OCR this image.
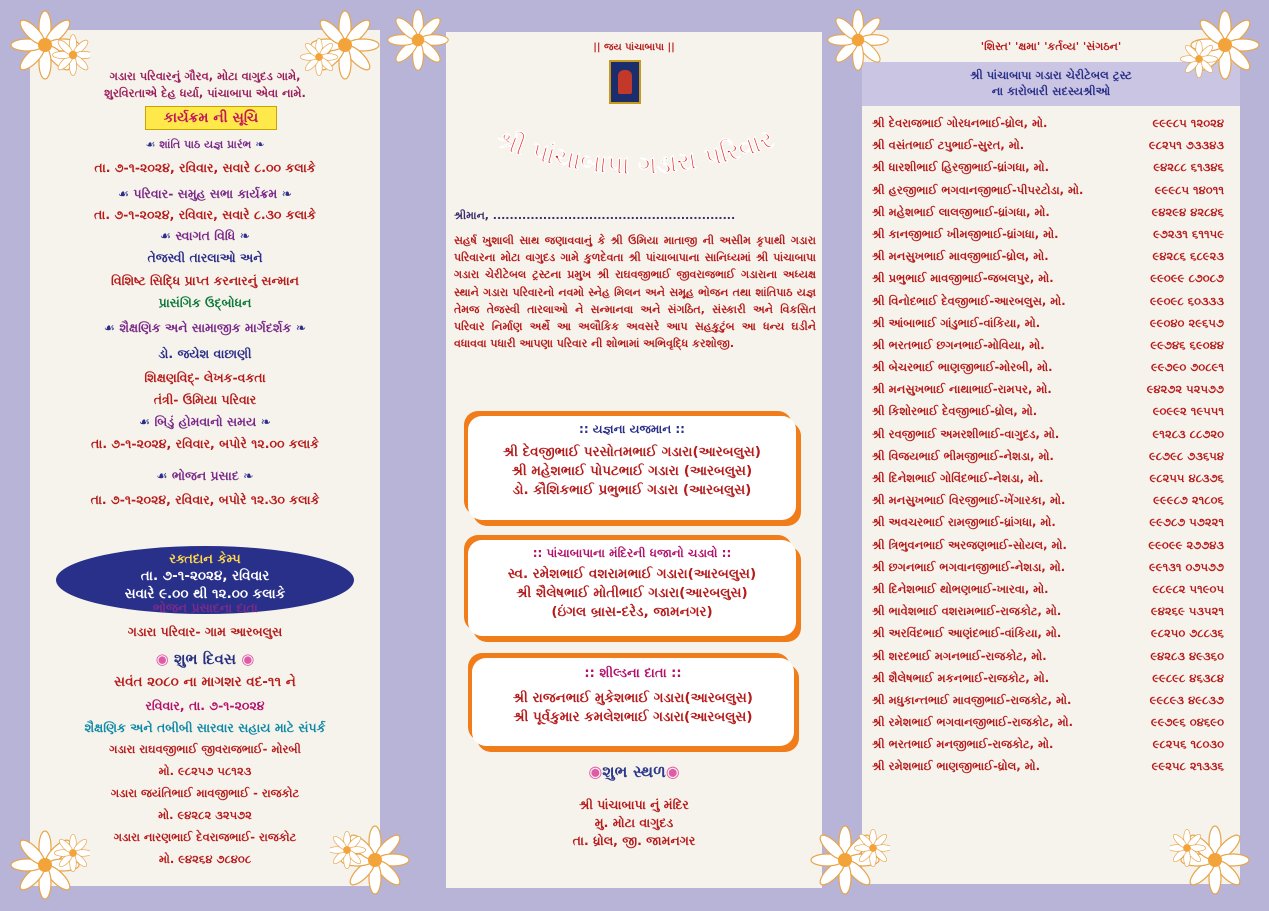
ગડારા પરિવારનું ગૌરવ, મોટા વાગુદડ ગામે,
શુરવિરતાએ દેહ ધર્યા, પાંચાબાપા એવા નામે.
કાર્યક્રમ ની સૂચિ
☙ શાંતિ પાઠ યજ્ઞ પ્રારંભ ❧
તા. ૭-૧-૨૦૨૪, રવિવાર, સવારે ૮.૦૦ કલાકે
☙ પરિવાર- સમુહ સભા કાર્યક્રમ ❧
તા. ૭-૧-૨૦૨૪, રવિવાર, સવારે ૮.૩૦ કલાકે
☙ સ્વાગત વિધિ ❧
તેજસ્વી તારલાઓ અને
વિશિષ્ટ સિદ્ધિ પ્રાપ્ત કરનારનું સન્માન
પ્રાસંગિક ઉદ્બોધન
☙ શૈક્ષણિક અને સામાજીક માર્ગદર્શક ❧
ડો. જયેશ વાછાણી
શિક્ષણવિદ્- લેખક-વકતા
તંત્રી- ઉમિયા પરિવાર
☙ બિડું હોમવાનો સમય ❧
તા. ૭-૧-૨૦૨૪, રવિવાર, બપોરે ૧૨.૦૦ કલાકે
☙ ભોજન પ્રસાદ ❧
તા. ૭-૧-૨૦૨૪, રવિવાર, બપોરે ૧૨.૩૦ કલાકે
રક્તદાન કેમ્પ
તા. ૭-૧-૨૦૨૪, રવિવાર
સવારે ૯.૦૦ થી ૧૨.૦૦ કલાકે
☙ ભોજન પ્રસાદના દાતા ❧
ગડારા પરિવાર- ગામ આરબલુસ
◉ શુભ દિવસ ◉
સવંત ૨૦૮૦ ના માગશર વદ-૧૧ ને
રવિવાર, તા. ૭-૧-૨૦૨૪
શૈક્ષણિક અને તબીબી સારવાર સહાય માટે સંપર્ક
ગડારા રાઘવજીભાઈ જીવરાજભાઈ- મોરબી
મો. ૯૮૨૫૭ ૫૮૧૨૩
ગડારા જયંતિભાઈ માવજીભાઈ - રાજકોટ
મો. ૯૪૨૮૨ ૩૨૫૭૨
ગડારા નારણભાઈ દેવરાજભાઈ- રાજકોટ
મો. ૯૪૨૬૪ ૭૮૪૦૮
|| જય પાંચાબાપા ||
શ્રી પાંચાબાપા ગડારા પરિવાર
શ્રીમાન, ..........................................................
સહર્ષ ખુશાલી સાથ જણાવવાનું કે શ્રી ઉમિયા માતાજી ની અસીમ કૃપાથી ગડારા પરિવારના મોટા વાગુદડ ગામે કુળદેવતા શ્રી પાંચાબાપાના સાનિધ્યમાં શ્રી પાંચાબાપા ગડારા ચેરીટેબલ ટ્રસ્ટના પ્રમુખ શ્રી રાઘવજીભાઈ જીવરાજભાઈ ગડારાના અધ્યક્ષ સ્થાને ગડારા પરિવારનો નવમો સ્નેહ મિલન અને સમૂહ ભોજન તથા શાંતિપાઠ યજ્ઞ તેમજ તેજસ્વી તારલાઓ ને સન્માનવા અને સંગઠિત, સંસ્કારી અને વિકસિત પરિવાર નિર્માણ અર્થે આ અલૌકિક અવસરે આપ સહકુટુંબ આ ધન્ય ઘડીને વધાવવા પધારી આપણા પરિવાર ની શોભામાં અભિવૃદ્ધિ કરશોજી.
:: યજ્ઞના યજમાન ::
શ્રી દેવજીભાઈ પરસોતમભાઈ ગડારા(આરબલુસ)
શ્રી મહેશભાઈ પોપટભાઈ ગડારા (આરબલુસ)
ડો. કૌશિકભાઈ પ્રભુભાઈ ગડારા (આરબલુસ)
:: પાંચાબાપાના મંદિરની ધજાનો ચડાવો ::
સ્વ. રમેશભાઈ વશરામભાઈ ગડારા(આરબલુસ)
શ્રી શૈલેષભાઈ મોતીભાઈ ગડારા(આરબલુસ)
(ઇંગલ બ્રાસ-દરેડ, જામનગર)
:: શીલ્ડના દાતા ::
શ્રી રાજનભાઈ મુકેશભાઈ ગડારા(આરબલુસ)
શ્રી પૂર્વકુમાર કમલેશભાઈ ગડારા(આરબલુસ)
◉શુભ સ્થળ◉
શ્રી પાંચાબાપા નું મંદિર
મુ. મોટા વાગુદડ
તા. ધ્રોલ, જી. જામનગર
'શિસ્ત' 'ક્ષમા' 'કર્તવ્ય' 'સંગઠન'
શ્રી પાંચાબાપા ગડારા ચેરીટેબલ ટ્રસ્ટ
ના કારોબારી સદસ્યશ્રીઓ
શ્રી દેવરાજભાઈ ગોરધનભાઈ-ધ્રોલ, મો.	૯૯૯૮૫ ૧૨૦૨૪
શ્રી વસંતભાઈ ટપુભાઈ-સુરત, મો.	૯૮૨૫૧ ૭૩૩૪૩
શ્રી ધારશીભાઈ હિરજીભાઈ-ધ્રાંગધા, મો.	૯૪૨૮૮ ૬૧૩૪૬
શ્રી હરજીભાઈ ભગવાનજીભાઈ-પીપરટોડા, મો.	૯૯૯૮૫ ૧૪૦૧૧
શ્રી મહેશભાઈ લાલજીભાઈ-ધ્રાંગધા, મો.	૯૪૨૯૪ ૪૨૮૪૬
શ્રી કાનજીભાઈ ખીમજીભાઈ-ધ્રાંગધા, મો.	૯૭૨૩૧ ૬૧૧૫૯
શ્રી મનસુખભાઈ માવજીભાઈ-ધ્રોલ, મો.	૯૪૨૮૬ ૬૮૯૨૩
શ્રી પ્રભુભાઈ માવજીભાઈ-જબલપુર, મો.	૯૯૦૯૯ ૮૭૦૮૭
શ્રી વિનોદભાઈ દેવજીભાઈ-આરબલુસ, મો.	૯૯૦૯૮ ૬૦૩૩૩
શ્રી આંબાભાઈ ગાંડુભાઈ-વાંકિયા, મો.	૯૯૦૪૦ ૨૯૬૫૭
શ્રી ભરતભાઈ છગનભાઈ-મોવિયા, મો.	૯૯૭૪૬ ૬૯૦૪૪
શ્રી બેચરભાઈ ભાણજીભાઈ-મોરબી, મો.	૯૯૭૯૦ ૭૦૮૯૧
શ્રી મનસુખભાઈ નાથાભાઈ-રામપર, મો.	૯૪૨૭૨ ૫૨૫૭૭
શ્રી કિશોરભાઈ દેવજીભાઈ-ધ્રોલ, મો.	૯૦૯૯૨ ૧૯૫૫૧
શ્રી રવજીભાઈ અમરશીભાઈ-વાગુદડ, મો.	૯૧૨૮૩ ૮૮૭૨૦
શ્રી વિજયભાઈ ભીમજીભાઈ-નેશડા, મો.	૯૮૭૯૮ ૭૩૬૫૪
શ્રી દિનેશભાઈ ગોવિંદભાઈ-નેશડા, મો.	૯૮૨૫૫ ૪૮૩૭૬
શ્રી મનસુખભાઈ વિરજીભાઈ-ખેંગારકા, મો.	૯૯૯૮૭ ૨૧૮૦૬
શ્રી અવચરભાઈ રામજીભાઈ-ધ્રાંગધા, મો.	૯૯૭૮૭ ૫૭૨૨૧
શ્રી ત્રિભુવનભાઈ અરજણભાઈ-સોયલ, મો.	૯૯૦૯૯ ૨૭૭૪૩
શ્રી છગનભાઈ ભગવાનજીભાઈ-નેશડા, મો.	૯૯૧૩૧ ૦૭૫૭૭
શ્રી દિનેશભાઈ થોભણભાઈ-ખારવા, મો.	૯૮૯૮૨ ૫૧૯૦૫
શ્રી ભાવેશભાઈ વશરામભાઈ-રાજકોટ, મો.	૯૪૨૬૯ ૫૩૫૨૧
શ્રી અરવિંદભાઈ આણંદભાઈ-વાંકિયા, મો.	૯૮૨૫૦ ૭૮૮૩૬
શ્રી શરદભાઈ મગનભાઈ-રાજકોટ, મો.	૯૪૨૮૩ ૪૯૩૬૦
શ્રી શૈલેષભાઈ મકનભાઈ-રાજકોટ, મો.	૯૯૮૯૮ ૪૬૩૮૪
શ્રી મધુકાન્તભાઈ માવજીભાઈ-રાજકોટ, મો.	૯૯૮૯૩ ૪૯૮૩૭
શ્રી રમેશભાઈ ભગવાનજીભાઈ-રાજકોટ, મો.	૯૯૭૯૬ ૦૪૬૯૦
શ્રી ભરતભાઈ મનજીભાઈ-રાજકોટ, મો.	૯૮૨૫૬ ૧૮૦૩૦
શ્રી રમેશભાઈ ભાણજીભાઈ-ધ્રોલ, મો.	૯૯૨૫૮ ૨૧૩૩૬
